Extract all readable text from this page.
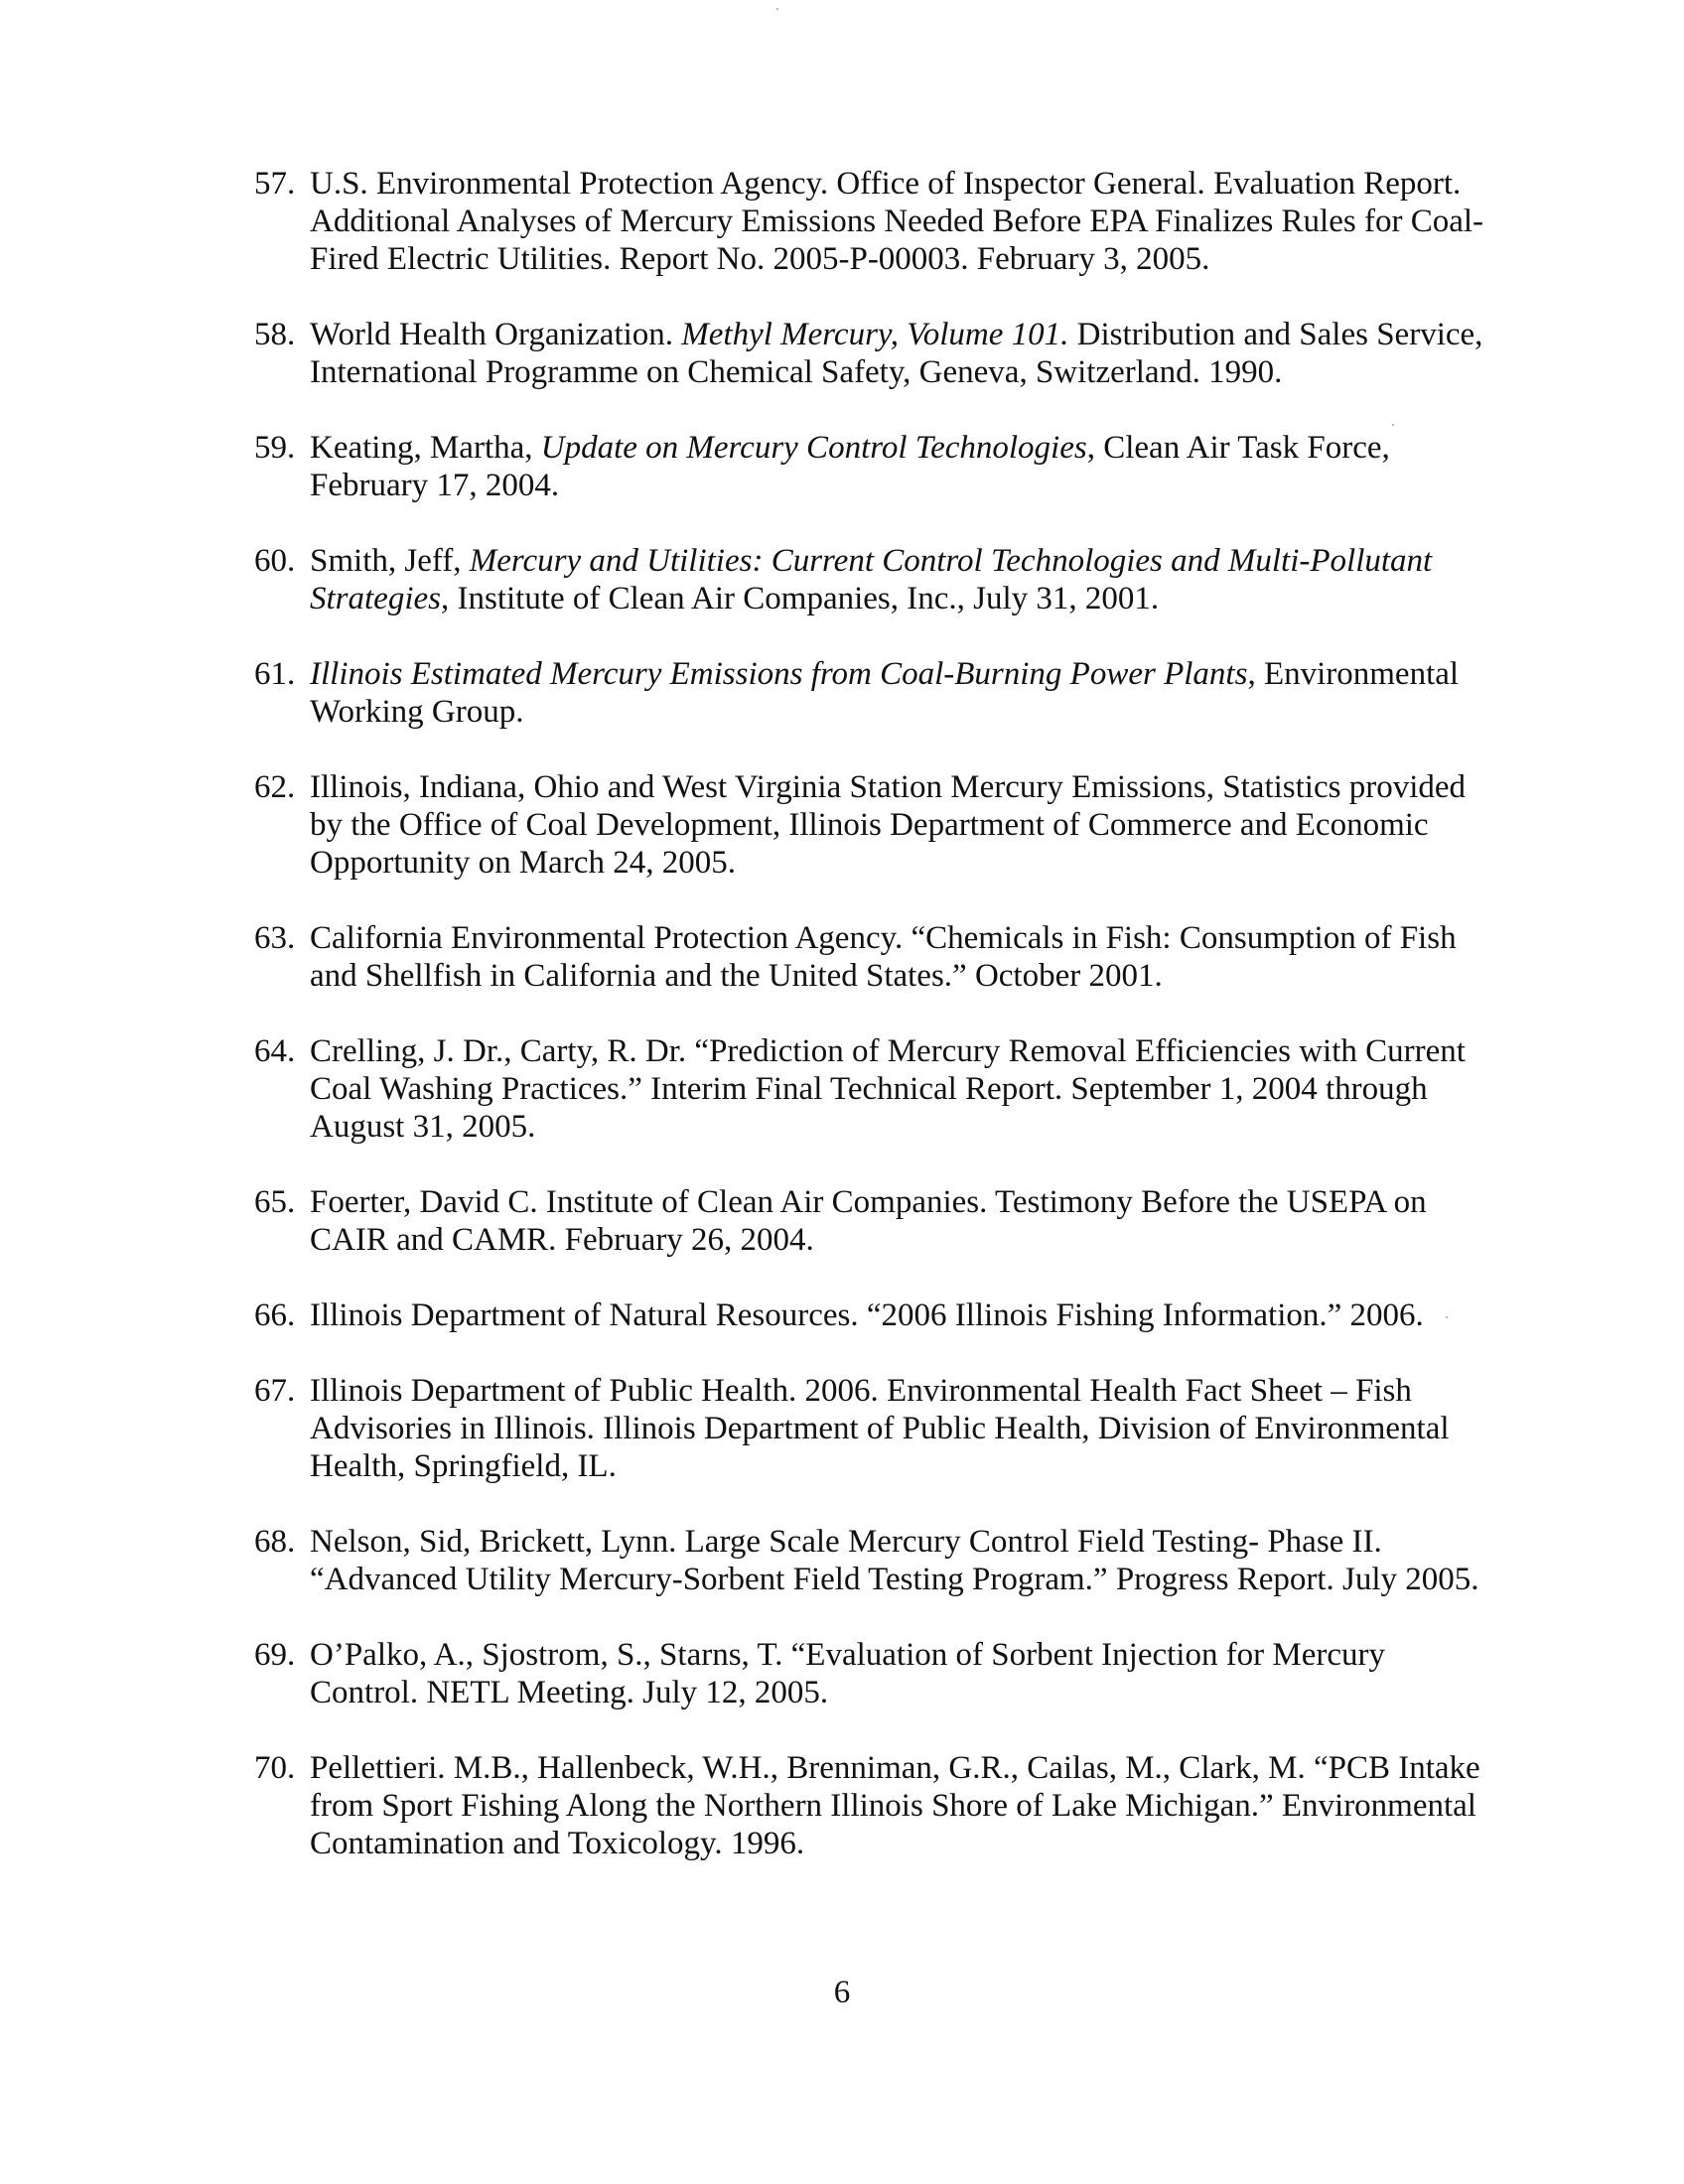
57. U.S. Environmental Protection Agency. Office of Inspector General. Evaluation Report. Additional Analyses of Mercury Emissions Needed Before EPA Finalizes Rules for Coal-Fired Electric Utilities. Report No. 2005-P-00003. February 3, 2005.
58. World Health Organization. Methyl Mercury, Volume 101. Distribution and Sales Service, International Programme on Chemical Safety, Geneva, Switzerland. 1990.
59. Keating, Martha, Update on Mercury Control Technologies, Clean Air Task Force, February 17, 2004.
60. Smith, Jeff, Mercury and Utilities: Current Control Technologies and Multi-Pollutant Strategies, Institute of Clean Air Companies, Inc., July 31, 2001.
61. Illinois Estimated Mercury Emissions from Coal-Burning Power Plants, Environmental Working Group.
62. Illinois, Indiana, Ohio and West Virginia Station Mercury Emissions, Statistics provided by the Office of Coal Development, Illinois Department of Commerce and Economic Opportunity on March 24, 2005.
63. California Environmental Protection Agency. “Chemicals in Fish: Consumption of Fish and Shellfish in California and the United States.” October 2001.
64. Crelling, J. Dr., Carty, R. Dr. “Prediction of Mercury Removal Efficiencies with Current Coal Washing Practices.” Interim Final Technical Report. September 1, 2004 through August 31, 2005.
65. Foerter, David C. Institute of Clean Air Companies. Testimony Before the USEPA on CAIR and CAMR. February 26, 2004.
66. Illinois Department of Natural Resources. “2006 Illinois Fishing Information.” 2006.
67. Illinois Department of Public Health. 2006. Environmental Health Fact Sheet – Fish Advisories in Illinois. Illinois Department of Public Health, Division of Environmental Health, Springfield, IL.
68. Nelson, Sid, Brickett, Lynn. Large Scale Mercury Control Field Testing- Phase II. “Advanced Utility Mercury-Sorbent Field Testing Program.” Progress Report. July 2005.
69. O’Palko, A., Sjostrom, S., Starns, T. “Evaluation of Sorbent Injection for Mercury Control. NETL Meeting. July 12, 2005.
70. Pellettieri. M.B., Hallenbeck, W.H., Brenniman, G.R., Cailas, M., Clark, M. “PCB Intake from Sport Fishing Along the Northern Illinois Shore of Lake Michigan.” Environmental Contamination and Toxicology. 1996.
6
